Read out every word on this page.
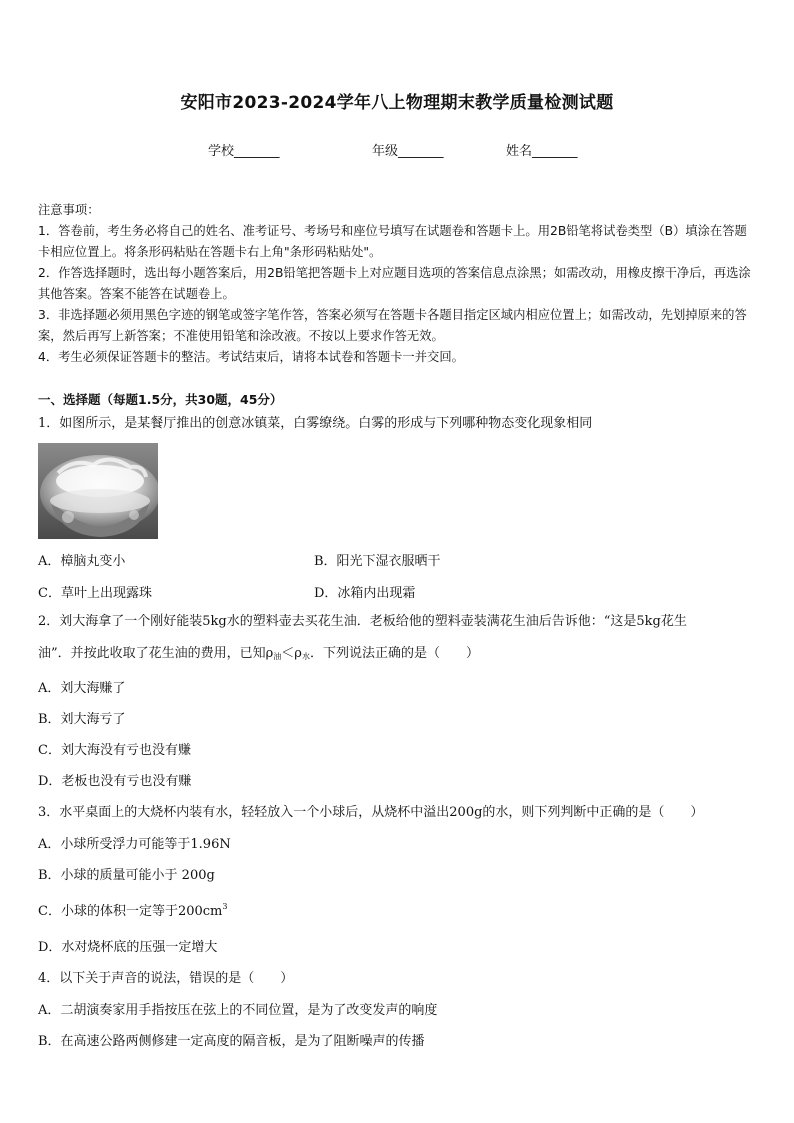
安阳市2023-2024学年八上物理期末教学质量检测试题
学校_______	年级_______	姓名_______

注意事项：

1．答卷前，考生务必将自己的姓名、准考证号、考场号和座位号填写在试题卷和答题卡上。用2B铅笔将试卷类型（B）填涂在答题卡相应位置上。将条形码粘贴在答题卡右上角"条形码粘贴处"。

2．作答选择题时，选出每小题答案后，用2B铅笔把答题卡上对应题目选项的答案信息点涂黑；如需改动，用橡皮擦干净后，再选涂其他答案。答案不能答在试题卷上。

3．非选择题必须用黑色字迹的钢笔或签字笔作答，答案必须写在答题卡各题目指定区域内相应位置上；如需改动，先划掉原来的答案，然后再写上新答案；不准使用铅笔和涂改液。不按以上要求作答无效。

4．考生必须保证答题卡的整洁。考试结束后，请将本试卷和答题卡一并交回。

一、选择题（每题1.5分，共30题，45分）
1．如图所示，是某餐厅推出的创意冰镇菜，白雾缭绕。白雾的形成与下列哪种物态变化现象相同
A．樟脑丸变小	B．阳光下湿衣服晒干
C．草叶上出现露珠	D．冰箱内出现霜
2．刘大海拿了一个刚好能装5kg水的塑料壶去买花生油．老板给他的塑料壶装满花生油后告诉他：“这是5kg花生
油”．并按此收取了花生油的费用，已知$\rho_油<\rho_水$．下列说法正确的是（　　）
A．刘大海赚了
B．刘大海亏了
C．刘大海没有亏也没有赚
D．老板也没有亏也没有赚
3．水平桌面上的大烧杯内装有水，轻轻放入一个小球后，从烧杯中溢出200g的水，则下列判断中正确的是（　　）
A．小球所受浮力可能等于1.96N
B．小球的质量可能小于 200g
C．小球的体积一定等于$200cm^3$
D．水对烧杯底的压强一定增大
4．以下关于声音的说法，错误的是（　　）
A．二胡演奏家用手指按压在弦上的不同位置，是为了改变发声的响度
B．在高速公路两侧修建一定高度的隔音板，是为了阻断噪声的传播
